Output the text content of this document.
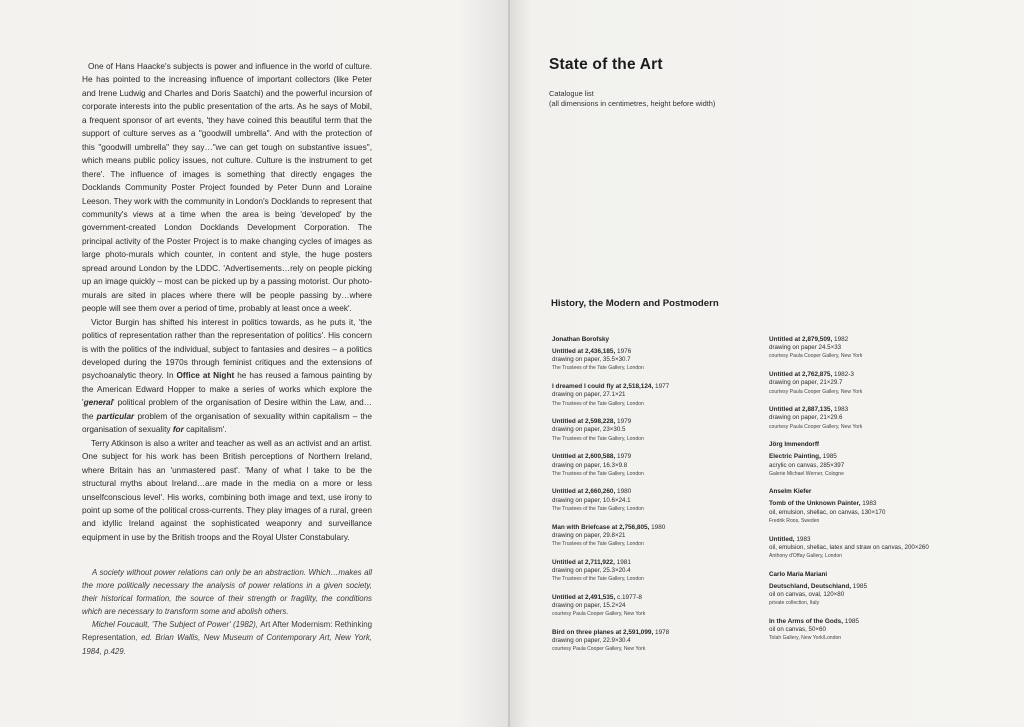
One of Hans Haacke's subjects is power and influence in the world of culture. He has pointed to the increasing influence of important collectors (like Peter and Irene Ludwig and Charles and Doris Saatchi) and the powerful incursion of corporate interests into the public presentation of the arts. As he says of Mobil, a frequent sponsor of art events, 'they have coined this beautiful term that the support of culture serves as a "goodwill umbrella". And with the protection of this "goodwill umbrella" they say…"we can get tough on substantive issues", which means public policy issues, not culture. Culture is the instrument to get there'. The influence of images is something that directly engages the Docklands Community Poster Project founded by Peter Dunn and Loraine Leeson. They work with the community in London's Docklands to represent that community's views at a time when the area is being 'developed' by the government-created London Docklands Development Corporation. The principal activity of the Poster Project is to make changing cycles of images as large photo-murals which counter, in content and style, the huge posters spread around London by the LDDC. 'Advertisements…rely on people picking up an image quickly – most can be picked up by a passing motorist. Our photo-murals are sited in places where there will be people passing by…where people will see them over a period of time, probably at least once a week'.

Victor Burgin has shifted his interest in politics towards, as he puts it, 'the politics of representation rather than the representation of politics'. His concern is with the politics of the individual, subject to fantasies and desires – a politics developed during the 1970s through feminist critiques and the extensions of psychoanalytic theory. In Office at Night he has reused a famous painting by the American Edward Hopper to make a series of works which explore the 'general' political problem of the organisation of Desire within the Law, and…the particular problem of the organisation of sexuality within capitalism – the organisation of sexuality for capitalism'.

Terry Atkinson is also a writer and teacher as well as an activist and an artist. One subject for his work has been British perceptions of Northern Ireland, where Britain has an 'unmastered past'. 'Many of what I take to be the structural myths about Ireland…are made in the media on a more or less unselfconscious level'. His works, combining both image and text, use irony to point up some of the political cross-currents. They play images of a rural, green and idyllic Ireland against the sophisticated weaponry and surveillance equipment in use by the British troops and the Royal Ulster Constabulary.

A society without power relations can only be an abstraction. Which…makes all the more politically necessary the analysis of power relations in a given society, their historical formation, the source of their strength or fragility, the conditions which are necessary to transform some and abolish others.

Michel Foucault, 'The Subject of Power' (1982), Art After Modernism: Rethinking Representation, ed. Brian Wallis, New Museum of Contemporary Art, New York, 1984, p.429.

State of the Art
Catalogue list
(all dimensions in centimetres, height before width)
History, the Modern and Postmodern
Jonathan Borofsky
Untitled at 2,436,185, 1976
drawing on paper, 35.5×30.7
The Trustees of the Tate Gallery, London
I dreamed I could fly at 2,518,124, 1977
drawing on paper, 27.1×21
The Trustees of the Tate Gallery, London
Untitled at 2,598,228, 1979
drawing on paper, 23×30.5
The Trustees of the Tate Gallery, London
Untitled at 2,600,588, 1979
drawing on paper, 16.3×9.8
The Trustees of the Tate Gallery, London
Untitled at 2,660,260, 1980
drawing on paper, 10.6×24.1
The Trustees of the Tate Gallery, London
Man with Briefcase at 2,756,805, 1980
drawing on paper, 29.8×21
The Trustees of the Tate Gallery, London
Untitled at 2,711,922, 1981
drawing on paper, 25.3×20.4
The Trustees of the Tate Gallery, London
Untitled at 2,491,535, c.1977-8
drawing on paper, 15.2×24
courtesy Paula Cooper Gallery, New York
Bird on three planes at 2,591,099, 1978
drawing on paper, 22.9×30.4
courtesy Paula Cooper Gallery, New York
Untitled at 2,879,509, 1982
drawing on paper 24.5×33
courtesy Paula Cooper Gallery, New York
Untitled at 2,762,875, 1982-3
drawing on paper, 21×29.7
courtesy Paula Cooper Gallery, New York
Untitled at 2,887,135, 1983
drawing on paper, 21×29.6
courtesy Paula Cooper Gallery, New York
Jörg Immendorff
Electric Painting, 1985
acrylic on canvas, 285×397
Galerie Michael Werner, Cologne
Anselm Kiefer
Tomb of the Unknown Painter, 1983
oil, emulsion, shellac, on canvas, 130×170
Fredrik Roos, Sweden
Untitled, 1983
oil, emulsion, shellac, latex and straw on canvas, 200×260
Anthony d'Offay Gallery, London
Carlo Maria Mariani
Deutschland, Deutschland, 1985
oil on canvas, oval, 120×80
private collection, Italy
In the Arms of the Gods, 1985
oil on canvas, 50×60
Tolah Gallery, New York/London
